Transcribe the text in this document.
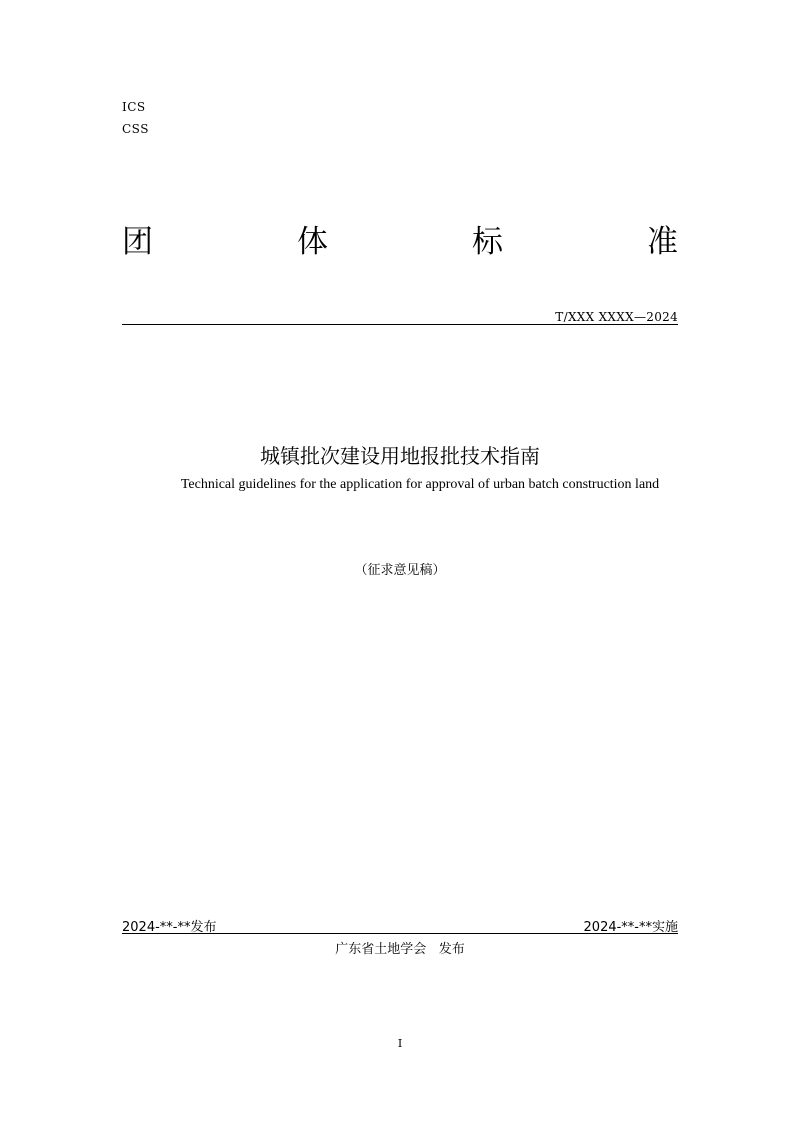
ICS
CSS
团	体	标	准
T/XXX XXXX—2024
城镇批次建设用地报批技术指南
Technical guidelines for the application for approval of urban batch construction land
（征求意见稿）
2024-**-**发布	2024-**-**实施
广东省土地学会   发布
I
